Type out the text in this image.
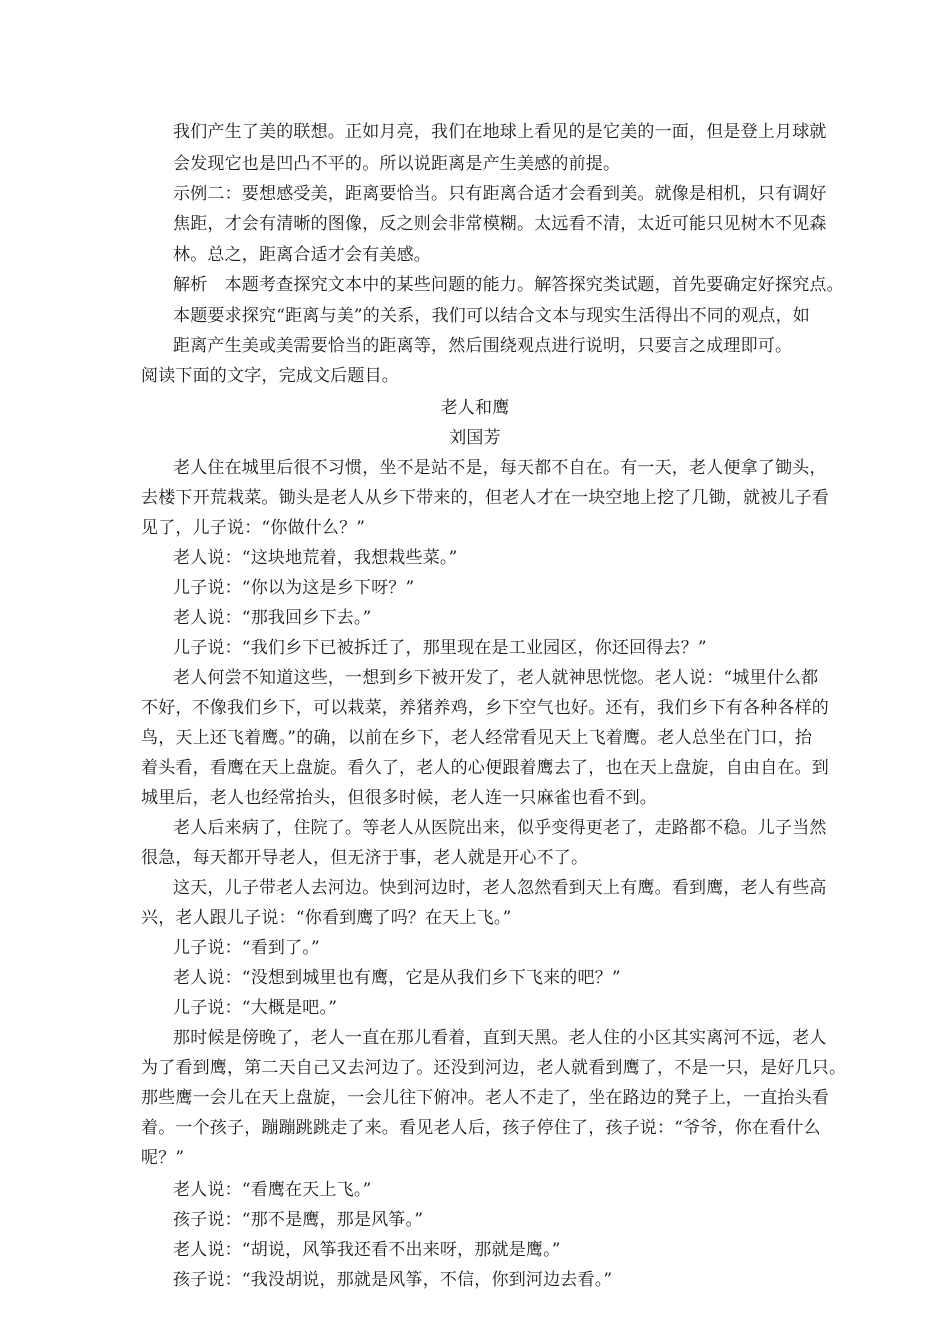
我们产生了美的联想。正如月亮，我们在地球上看见的是它美的一面，但是登上月球就
会发现它也是凹凸不平的。所以说距离是产生美感的前提。
示例二：要想感受美，距离要恰当。只有距离合适才会看到美。就像是相机，只有调好
焦距，才会有清晰的图像，反之则会非常模糊。太远看不清，太近可能只见树木不见森
林。总之，距离合适才会有美感。
解析　本题考查探究文本中的某些问题的能力。解答探究类试题，首先要确定好探究点。
本题要求探究“距离与美”的关系，我们可以结合文本与现实生活得出不同的观点，如
距离产生美或美需要恰当的距离等，然后围绕观点进行说明，只要言之成理即可。
阅读下面的文字，完成文后题目。
老人和鹰
刘国芳
老人住在城里后很不习惯，坐不是站不是，每天都不自在。有一天，老人便拿了锄头，
去楼下开荒栽菜。锄头是老人从乡下带来的，但老人才在一块空地上挖了几锄，就被儿子看
见了，儿子说：“你做什么？”
老人说：“这块地荒着，我想栽些菜。”
儿子说：“你以为这是乡下呀？”
老人说：“那我回乡下去。”
儿子说：“我们乡下已被拆迁了，那里现在是工业园区，你还回得去？”
老人何尝不知道这些，一想到乡下被开发了，老人就神思恍惚。老人说：“城里什么都
不好，不像我们乡下，可以栽菜，养猪养鸡，乡下空气也好。还有，我们乡下有各种各样的
鸟，天上还飞着鹰。”的确，以前在乡下，老人经常看见天上飞着鹰。老人总坐在门口，抬
着头看，看鹰在天上盘旋。看久了，老人的心便跟着鹰去了，也在天上盘旋，自由自在。到
城里后，老人也经常抬头，但很多时候，老人连一只麻雀也看不到。
老人后来病了，住院了。等老人从医院出来，似乎变得更老了，走路都不稳。儿子当然
很急，每天都开导老人，但无济于事，老人就是开心不了。
这天，儿子带老人去河边。快到河边时，老人忽然看到天上有鹰。看到鹰，老人有些高
兴，老人跟儿子说：“你看到鹰了吗？在天上飞。”
儿子说：“看到了。”
老人说：“没想到城里也有鹰，它是从我们乡下飞来的吧？”
儿子说：“大概是吧。”
那时候是傍晚了，老人一直在那儿看着，直到天黑。老人住的小区其实离河不远，老人
为了看到鹰，第二天自己又去河边了。还没到河边，老人就看到鹰了，不是一只，是好几只。
那些鹰一会儿在天上盘旋，一会儿往下俯冲。老人不走了，坐在路边的凳子上，一直抬头看
着。一个孩子，蹦蹦跳跳走了来。看见老人后，孩子停住了，孩子说：“爷爷，你在看什么
呢？”
老人说：“看鹰在天上飞。”
孩子说：“那不是鹰，那是风筝。”
老人说：“胡说，风筝我还看不出来呀，那就是鹰。”
孩子说：“我没胡说，那就是风筝，不信，你到河边去看。”
